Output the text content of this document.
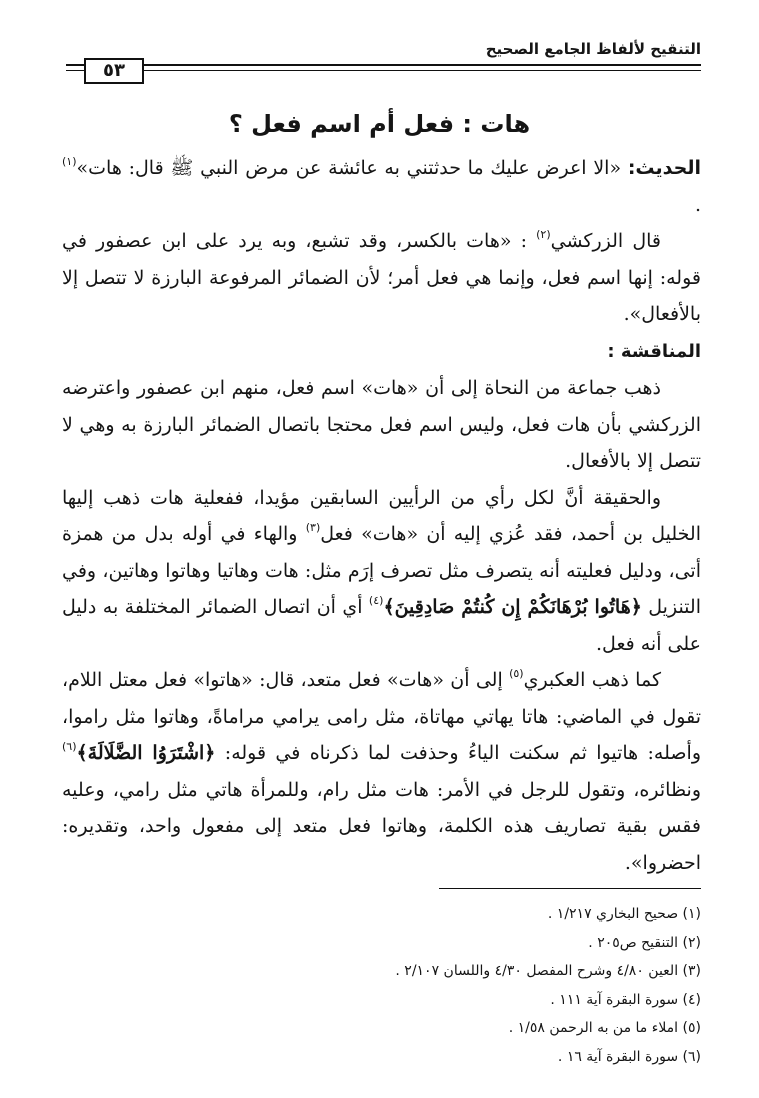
٥٣
التنقيح لألفاظ الجامع الصحيح
هات : فعل أم اسم فعل ؟

الحديث: «الا اعرض عليك ما حدثتني به عائشة عن مرض النبي ﷺ قال: هات»$^{(١)}$ .

قال الزركشي$^{(٢)}$ : «هات بالكسر، وقد تشبع، وبه يرد على ابن عصفور في قوله: إنها اسم فعل، وإنما هي فعل أمر؛ لأن الضمائر المرفوعة البارزة لا تتصل إلا بالأفعال».

المناقشة :

ذهب جماعة من النحاة إلى أن «هات» اسم فعل، منهم ابن عصفور واعترضه الزركشي بأن هات فعل، وليس اسم فعل محتجا باتصال الضمائر البارزة به وهي لا تتصل إلا بالأفعال.

والحقيقة أنَّ لكل رأي من الرأيين السابقين مؤيدا، ففعلية هات ذهب إليها الخليل بن أحمد، فقد عُزي إليه أن «هات» فعل$^{(٣)}$ والهاء في أوله بدل من همزة أتى، ودليل فعليته أنه يتصرف مثل تصرف إرَم مثل: هات وهاتيا وهاتوا وهاتين، وفي التنزيل ﴿هَاتُوا بُرْهَانَكُمْ إِن كُنتُمْ صَادِقِينَ﴾$^{(٤)}$ أي أن اتصال الضمائر المختلفة به دليل على أنه فعل.

كما ذهب العكبري$^{(٥)}$ إلى أن «هات» فعل متعد، قال: «هاتوا» فعل معتل اللام، تقول في الماضي: هاتا يهاتي مهاتاة، مثل رامى يرامي مراماةً، وهاتوا مثل راموا، وأصله: هاتيوا ثم سكنت الياءُ وحذفت لما ذكرناه في قوله: ﴿اشْتَرَوُا الضَّلَالَةَ﴾$^{(٦)}$ ونظائره، وتقول للرجل في الأمر: هات مثل رام، وللمرأة هاتي مثل رامي، وعليه فقس بقية تصاريف هذه الكلمة، وهاتوا فعل متعد إلى مفعول واحد، وتقديره: احضروا».

(١) صحيح البخاري ١/٢١٧ .
(٢) التنقيح ص٢٠٥ .
(٣) العين ٤/٨٠ وشرح المفصل ٤/٣٠ واللسان ٢/١٠٧ .
(٤) سورة البقرة آية ١١١ .
(٥) املاء ما من به الرحمن ١/٥٨ .
(٦) سورة البقرة آية ١٦ .
